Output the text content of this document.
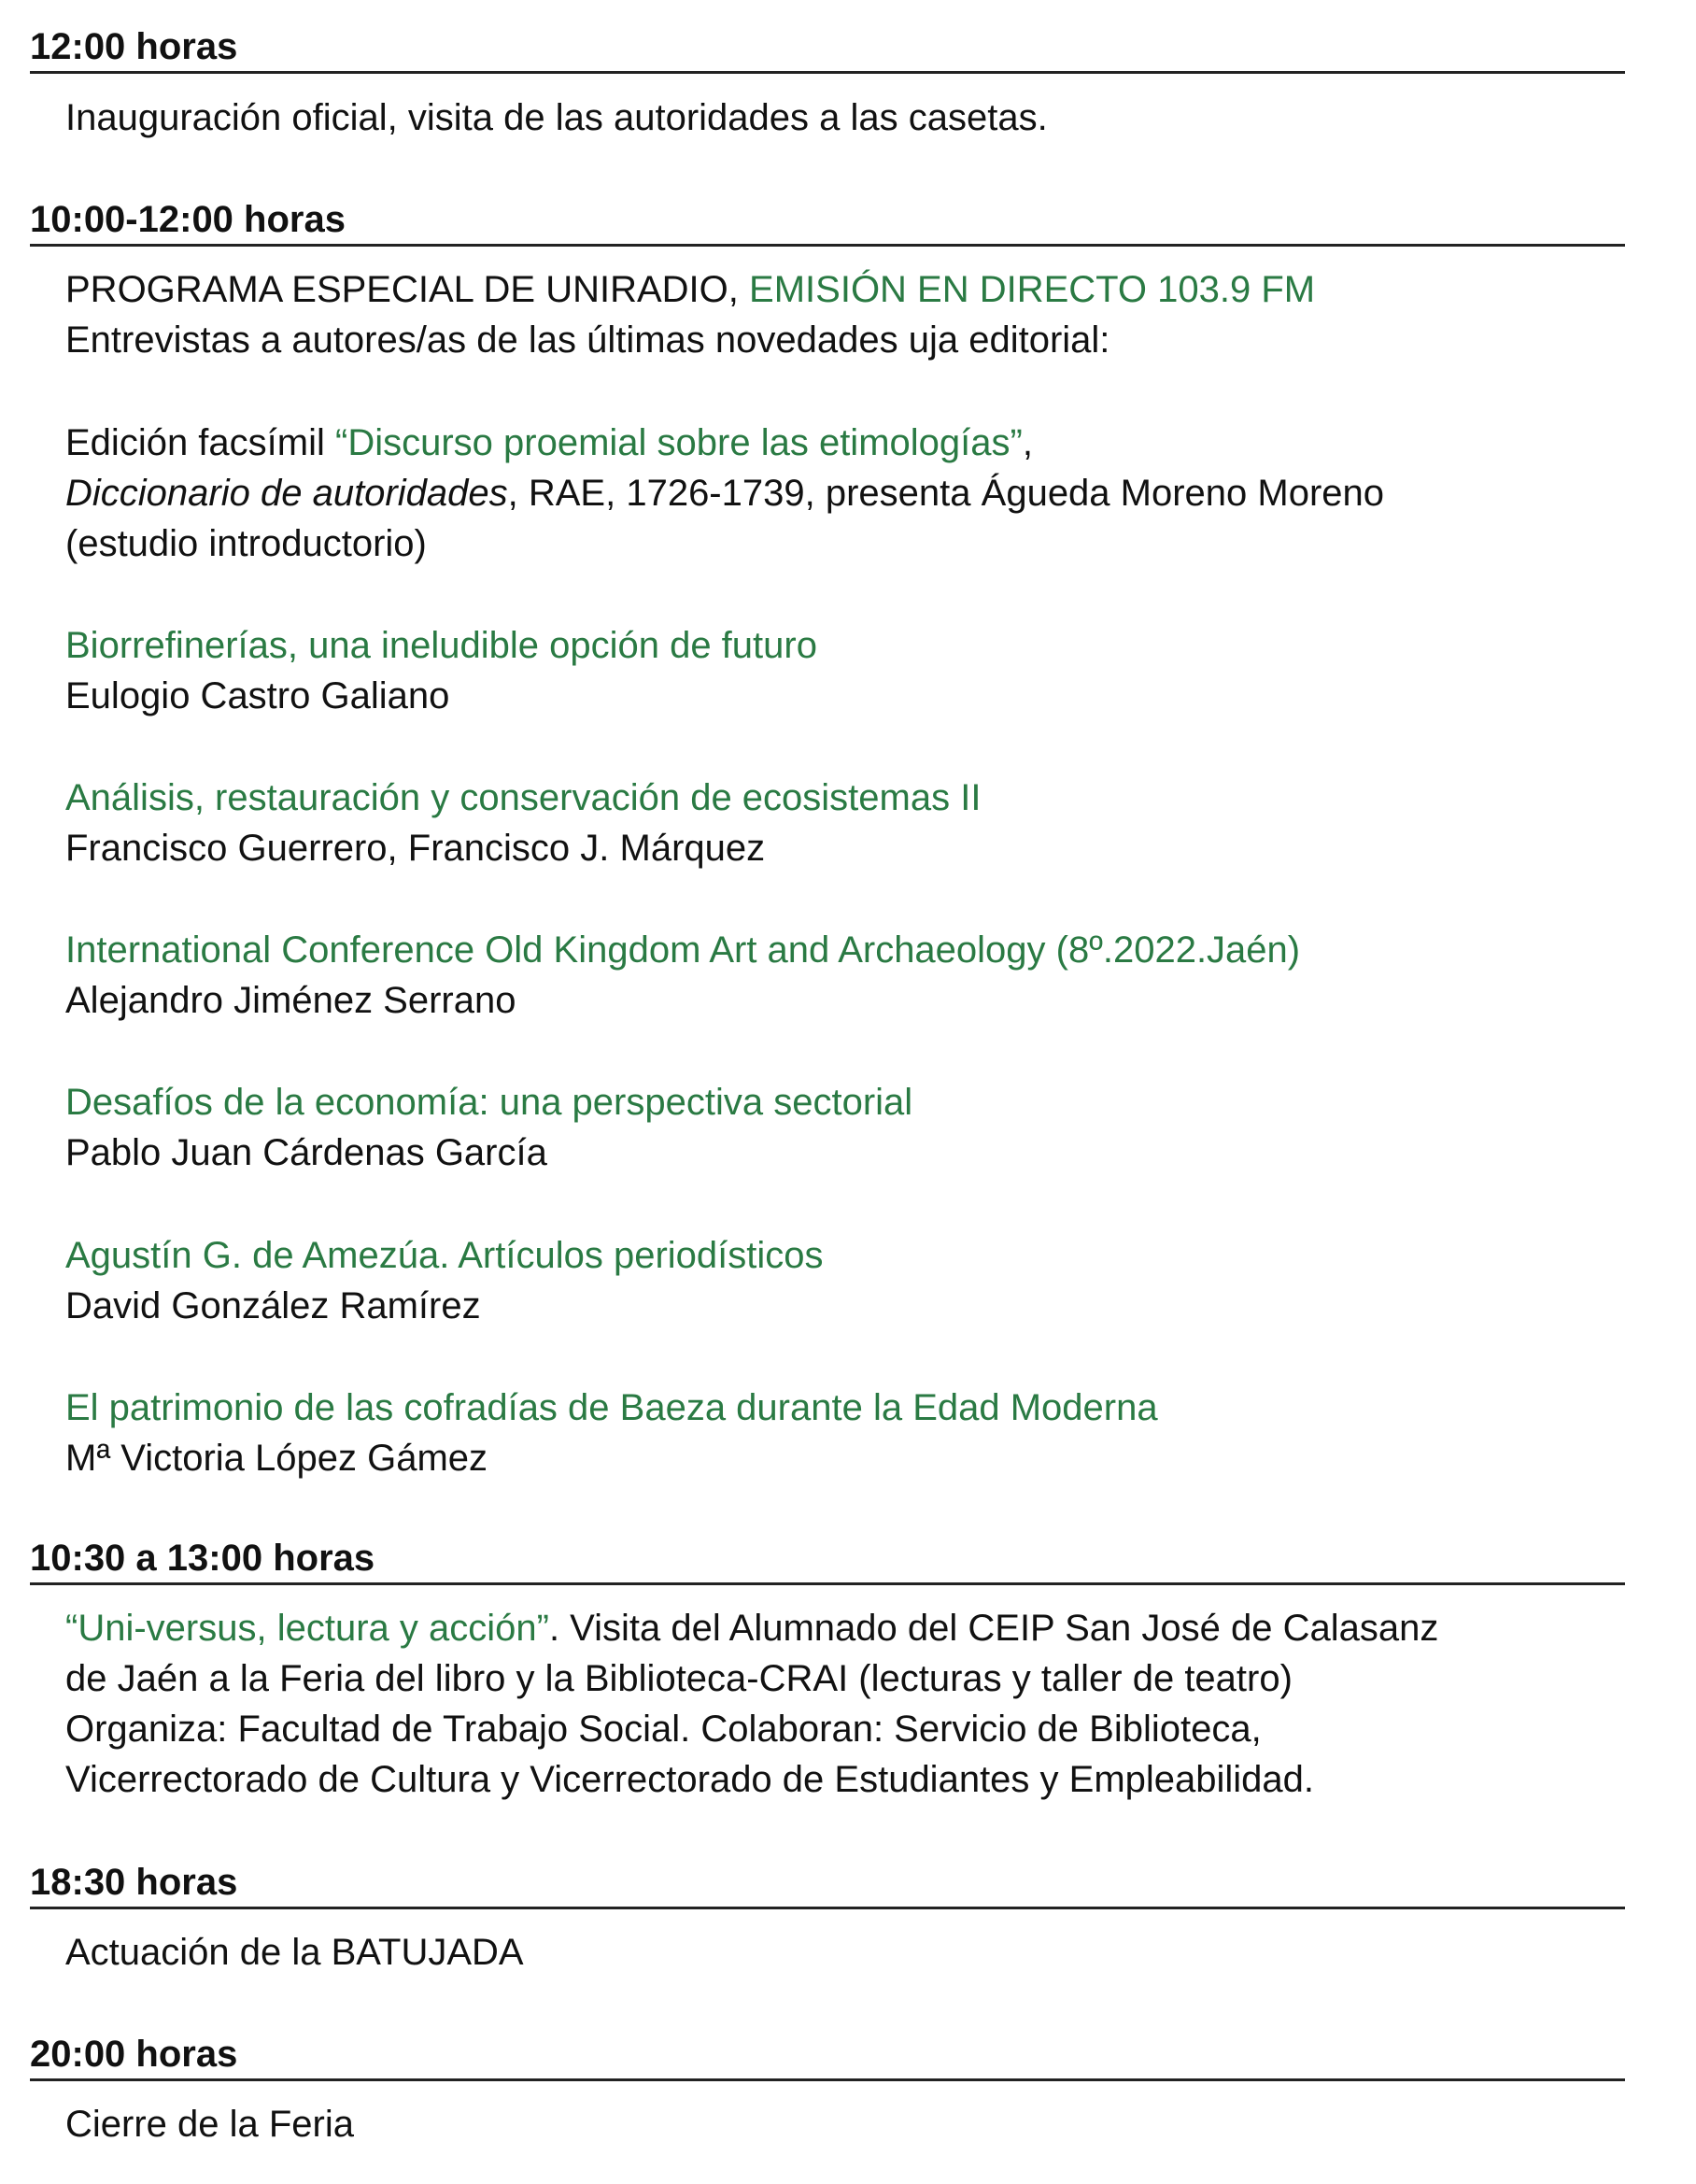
12:00 horas
Inauguración oficial, visita de las autoridades a las casetas.
10:00-12:00 horas
PROGRAMA ESPECIAL DE UNIRADIO, EMISIÓN EN DIRECTO 103.9 FM
Entrevistas a autores/as de las últimas novedades uja editorial:
Edición facsímil “Discurso proemial sobre las etimologías”,
Diccionario de autoridades, RAE, 1726-1739, presenta Águeda Moreno Moreno
(estudio introductorio)
Biorrefinerías, una ineludible opción de futuro
Eulogio Castro Galiano
Análisis, restauración y conservación de ecosistemas II
Francisco Guerrero, Francisco J. Márquez
International Conference Old Kingdom Art and Archaeology (8º.2022.Jaén)
Alejandro Jiménez Serrano
Desafíos de la economía: una perspectiva sectorial
Pablo Juan Cárdenas García
Agustín G. de Amezúa. Artículos periodísticos
David González Ramírez
El patrimonio de las cofradías de Baeza durante la Edad Moderna
Mª Victoria López Gámez
10:30 a 13:00 horas
“Uni-versus, lectura y acción”. Visita del Alumnado del CEIP San José de Calasanz
de Jaén a la Feria del libro y la Biblioteca-CRAI (lecturas y taller de teatro)
Organiza: Facultad de Trabajo Social. Colaboran: Servicio de Biblioteca,
Vicerrectorado de Cultura y Vicerrectorado de Estudiantes y Empleabilidad.
18:30 horas
Actuación de la BATUJADA
20:00 horas
Cierre de la Feria
